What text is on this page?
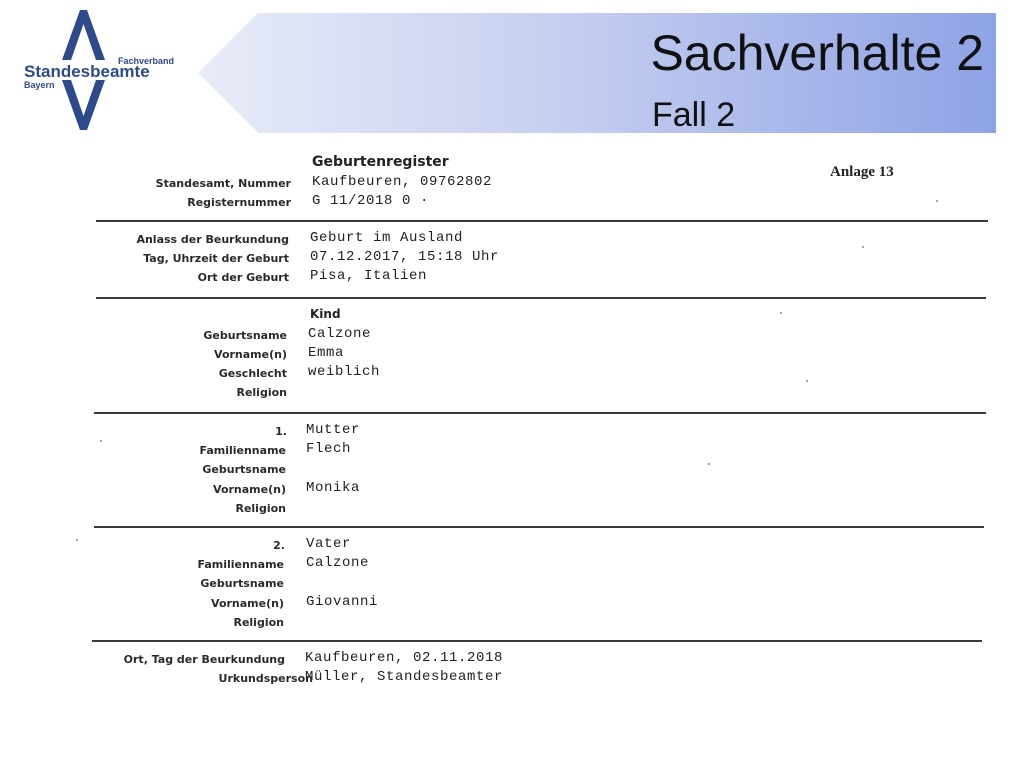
Fachverband
Standesbeamte
Bayern
Sachverhalte 2
Fall 2
Geburtenregister
Anlage 13
Standesamt, Nummer Kaufbeuren, 09762802
Registernummer G 11/2018 0 ·
Anlass der Beurkundung Geburt im Ausland
Tag, Uhrzeit der Geburt 07.12.2017, 15:18 Uhr
Ort der Geburt Pisa, Italien
Kind
Geburtsname Calzone
Vorname(n) Emma
Geschlecht weiblich
Religion
1. Mutter
Familienname Flech
Geburtsname
Vorname(n) Monika
Religion
2. Vater
Familienname Calzone
Geburtsname
Vorname(n) Giovanni
Religion
Ort, Tag der Beurkundung Kaufbeuren, 02.11.2018
Urkundsperson
Müller, Standesbeamter
